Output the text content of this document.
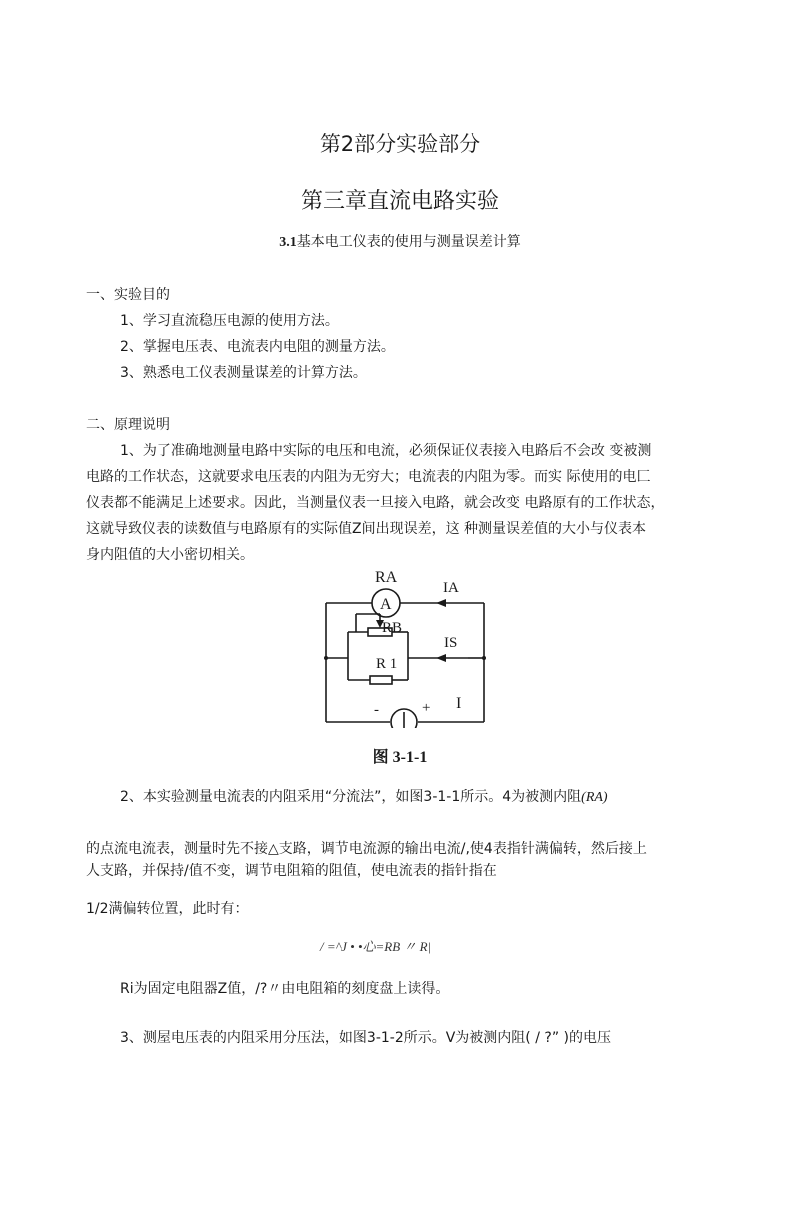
第2部分实验部分
第三章直流电路实验
3.1基本电工仪表的使用与测量误差计算
一、实验目的
1、学习直流稳压电源的使用方法。
2、掌握电压表、电流表内电阻的测量方法。
3、熟悉电工仪表测量谋差的计算方法。
二、原理说明
1、为了准确地测量电路中实际的电压和电流，必须保证仪表接入电路后不会改 变被测
电路的工作状态，这就要求电压表的内阻为无穷大；电流表的内阻为零。而实 际使用的电匚
仪表都不能满足上述要求。因此，当测量仪表一旦接入电路，就会改变 电路原有的工作状态，
这就导致仪表的读数值与电路原有的实际值Z间出现误差，这 种测量误差值的大小与仪表本
身内阻值的大小密切相关。
RA
A
IA
RB
IS
R 1
-	+ I
图 3-1-1
2、本实验测量电流表的内阻采用“分流法”，如图3-1-1所示。4为被测内阻(RA)
的点流电流表，测量时先不接△支路，调节电流源的输出电流/,使4表指针满偏转，然后接上
人支路，并保持/值不变，调节电阻箱的阻值，使电流表的指针指在
1/2满偏转位置，此时有：
/ =^J • •心=RB 〃 R|
Ri为固定电阻器Z值，/?〃由电阻箱的刻度盘上读得。
3、测屋电压表的内阻采用分压法，如图3-1-2所示。V为被测内阻( / ?” )的电压
